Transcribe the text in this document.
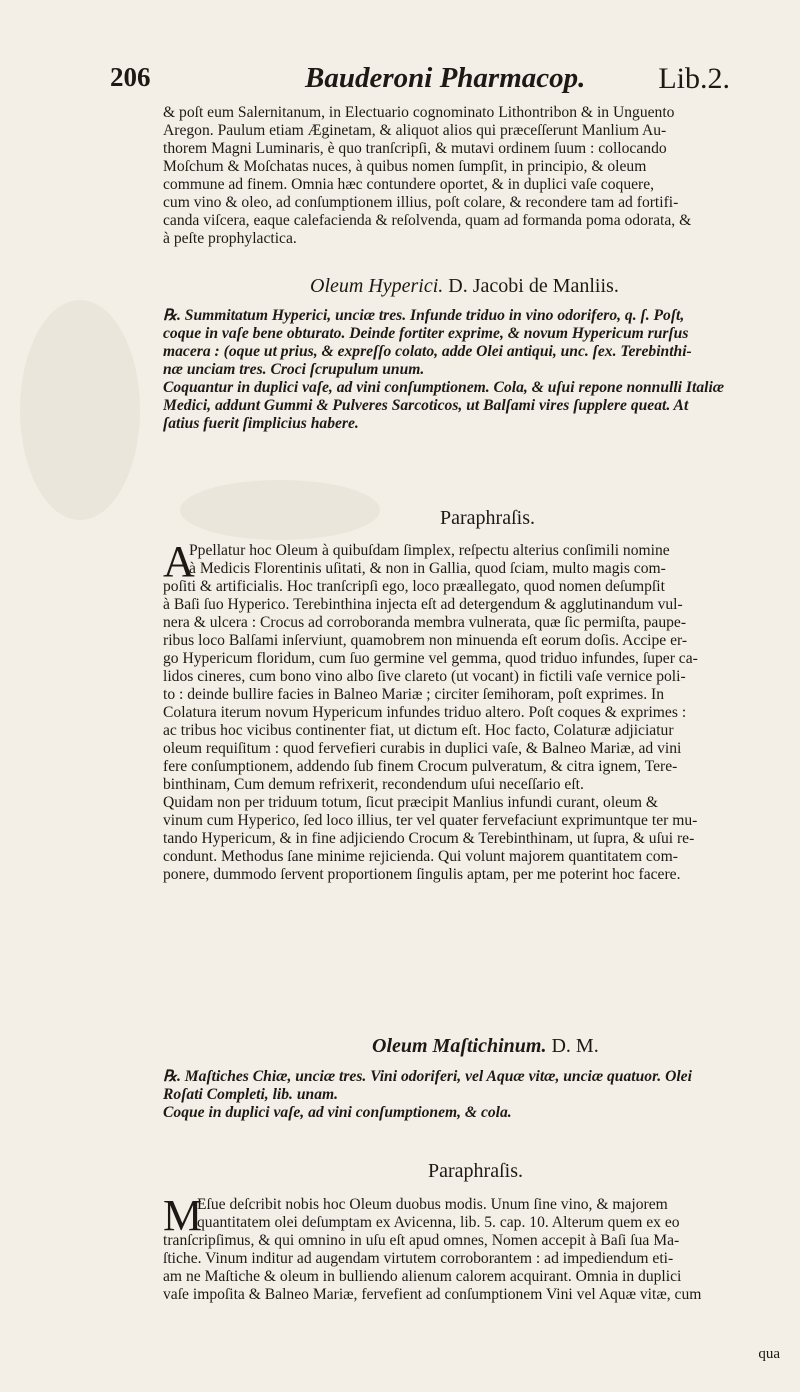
206	Bauderoni Pharmacop. Lib.2.
& poſt eum Salernitanum, in Electuario cognominato Lithontribon & in Unguento
Aregon. Paulum etiam Æginetam, & aliquot alios qui præceſſerunt Manlium Au-
thorem Magni Luminaris, è quo tranſcripſi, & mutavi ordinem ſuum : collocando
Moſchum & Moſchatas nuces, à quibus nomen ſumpſit, in principio, & oleum
commune ad finem. Omnia hæc contundere oportet, & in duplici vaſe coquere,
cum vino & oleo, ad conſumptionem illius, poſt colare, & recondere tam ad fortifi-
canda viſcera, eaque calefacienda & reſolvenda, quam ad formanda poma odorata, &
à peſte prophylactica.
Oleum Hyperici. D. Jacobi de Manliis.
℞. Summitatum Hyperici, unciæ tres. Infunde triduo in vino odorifero, q. ſ. Poſt,
coque in vaſe bene obturato. Deinde fortiter exprime, & novum Hypericum rurſus
macera : (oque ut prius, & expreſſo colato, adde Olei antiqui, unc. ſex. Terebinthi-
næ unciam tres. Croci ſcrupulum unum.
Coquantur in duplici vaſe, ad vini conſumptionem. Cola, & uſui repone nonnulli Italiæ
Medici, addunt Gummi & Pulveres Sarcoticos, ut Balſami vires ſupplere queat. At
ſatius fuerit ſimplicius habere.
Paraphraſis.
A
Ppellatur hoc Oleum à quibuſdam ſimplex, reſpectu alterius conſimili nomine
à Medicis Florentinis uſitati, & non in Gallia, quod ſciam, multo magis com-
poſiti & artificialis. Hoc tranſcripſi ego, loco præallegato, quod nomen deſumpſit
à Baſi ſuo Hyperico. Terebinthina injecta eſt ad detergendum & agglutinandum vul-
nera & ulcera : Crocus ad corroboranda membra vulnerata, quæ ſic permiſta, paupe-
ribus loco Balſami inſerviunt, quamobrem non minuenda eſt eorum doſis. Accipe er-
go Hypericum floridum, cum ſuo germine vel gemma, quod triduo infundes, ſuper ca-
lidos cineres, cum bono vino albo ſive clareto (ut vocant) in fictili vaſe vernice poli-
to : deinde bullire facies in Balneo Mariæ ; circiter ſemihoram, poſt exprimes. In
Colatura iterum novum Hypericum infundes triduo altero. Poſt coques & exprimes :
ac tribus hoc vicibus continenter fiat, ut dictum eſt. Hoc facto, Colaturæ adjiciatur
oleum requiſitum : quod fervefieri curabis in duplici vaſe, & Balneo Mariæ, ad vini
fere conſumptionem, addendo ſub finem Crocum pulveratum, & citra ignem, Tere-
binthinam, Cum demum refrixerit, recondendum uſui neceſſario eſt.
Quidam non per triduum totum, ſicut præcipit Manlius infundi curant, oleum &
vinum cum Hyperico, ſed loco illius, ter vel quater fervefaciunt exprimuntque ter mu-
tando Hypericum, & in fine adjiciendo Crocum & Terebinthinam, ut ſupra, & uſui re-
condunt. Methodus ſane minime rejicienda. Qui volunt majorem quantitatem com-
ponere, dummodo ſervent proportionem ſingulis aptam, per me poterint hoc facere.
Oleum Maſtichinum. D. M.
℞. Maſtiches Chiæ, unciæ tres. Vini odoriferi, vel Aquæ vitæ, unciæ quatuor. Olei
Roſati Completi, lib. unam.
Coque in duplici vaſe, ad vini conſumptionem, & cola.
Paraphraſis.
M
Eſue deſcribit nobis hoc Oleum duobus modis. Unum ſine vino, & majorem
quantitatem olei deſumptam ex Avicenna, lib. 5. cap. 10. Alterum quem ex eo
tranſcripſimus, & qui omnino in uſu eſt apud omnes, Nomen accepit à Baſi ſua Ma-
ſtiche. Vinum inditur ad augendam virtutem corroborantem : ad impediendum eti-
am ne Maſtiche & oleum in bulliendo alienum calorem acquirant. Omnia in duplici
vaſe impoſita & Balneo Mariæ, fervefient ad conſumptionem Vini vel Aquæ vitæ, cum
qua
